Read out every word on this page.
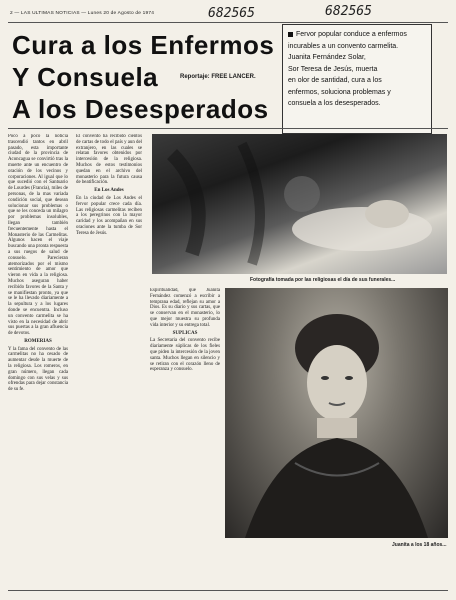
2 — LAS ULTIMAS NOTICIAS — Lunes 20 de Agosto de 1974	682565	682565
Cura a los Enfermos
Y Consuela
A los Desesperados
Reportaje: FREE LANCER.
Fervor popular conduce a enfermos
incurables a un convento carmelita.
Juanita Fernández Solar,
Sor Teresa de Jesús, muerta
en olor de santidad, cura a los
enfermos, soluciona problemas y
consuela a los desesperados.
Poco a poco la noticia trascendió tantos en abril pasado, esta importante ciudad de la provincia de Aconcagua se convirtió tras la muerte ante un encuentro de oración de los vecinos y corporaciones. Al igual que lo que sucedió con el Santuario de Lourdes (Francia), miles de personas, de la mas variada condición social, que desean solucionar sus problemas o que se les conceda un milagro por problemas insolubles, llegan también frecuentemente hasta el Monasterio de las Carmelitas. Algunos hacen el viaje buscando una pronta respuesta a sus ruegos de salud de consuelo. Parecieran atemorizados por el mismo sentimiento de amor que vieron en vida a la religiosa. Muchos aseguran haber recibido favores de la Santa y se manifiestan pronto, ya que se le ha llevado diariamente a la sepultura y a los lugares donde se encuentra. Incluso un convento carmelita se ha visto en la necesidad de abrir sus puertas a la gran afluencia de devotos.
ROMERIAS
Y la fama del convento de las carmelitas no ha cesado de aumentar desde la muerte de la religiosa. Los romeros, en gran número, llegan cada domingo con sus velas y sus ofrendas para dejar constancia de su fe.
El convento ha recibido cientos de cartas de todo el país y aun del extranjero, en las cuales se relatan favores obtenidos por intercesión de la religiosa. Muchos de estos testimonios quedan en el archivo del monasterio para la futura causa de beatificación.
En Los Andes
En la ciudad de Los Andes el fervor popular crece cada día. Las religiosas carmelitas reciben a los peregrinos con la mayor caridad y los acompañan en sus oraciones ante la tumba de Sor Teresa de Jesús.
Espiritualidad, que Juanita Fernández comenzó a escribir a temprana edad, reflejan su amor a Dios. Es su diario y sus cartas, que se conservan en el monasterio, lo que mejor muestra su profunda vida interior y su entrega total.
SUPLICAS
La Secretaria del convento recibe diariamente súplicas de los fieles que piden la intercesión de la joven santa. Muchos llegan en silencio y se retiran con el corazón lleno de esperanza y consuelo.
Fotografía tomada por las religiosas el día de sus funerales...
Juanita a los 18 años...
